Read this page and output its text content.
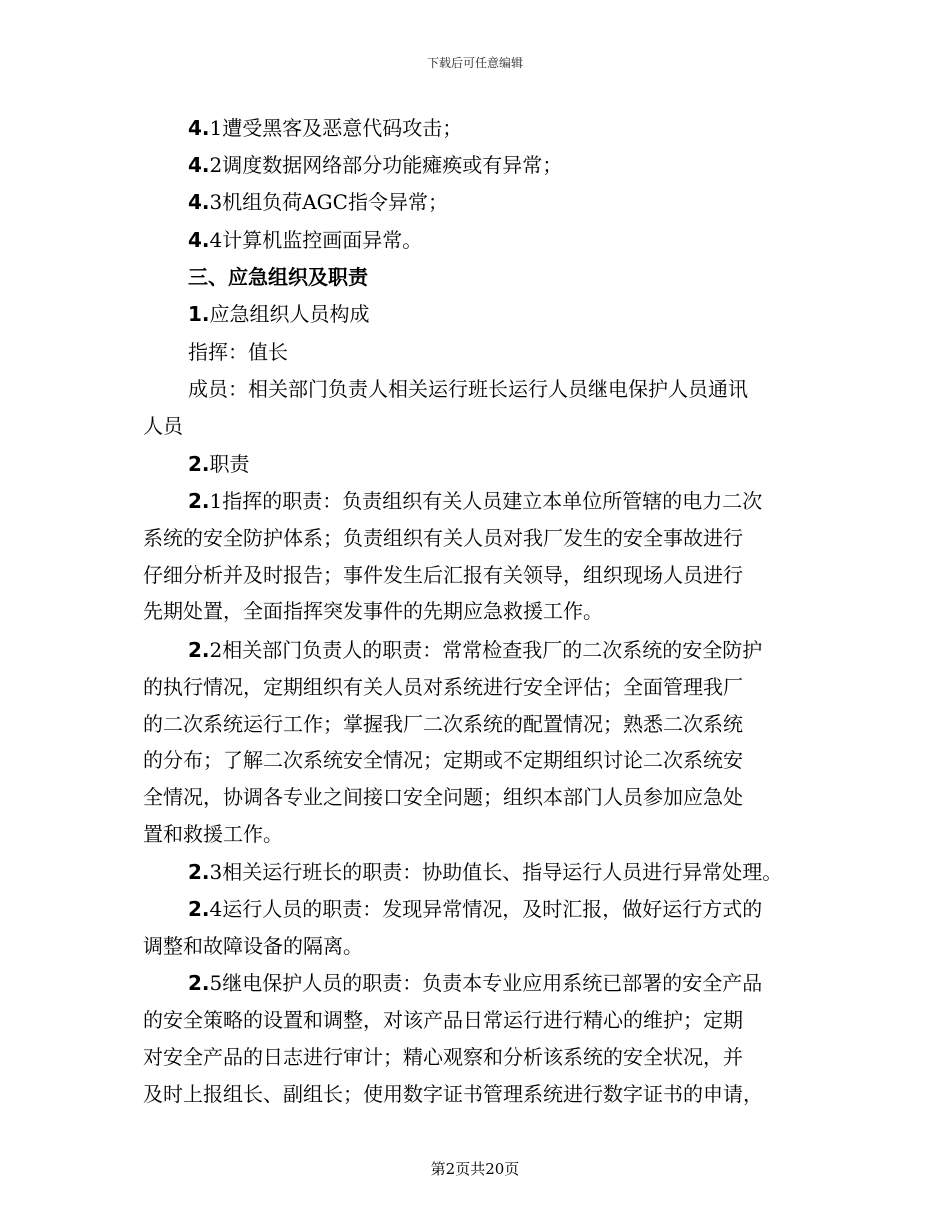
下载后可任意编辑
4.1遭受黑客及恶意代码攻击；
4.2调度数据网络部分功能瘫痪或有异常；
4.3机组负荷AGC指令异常；
4.4计算机监控画面异常。
三、应急组织及职责
1.应急组织人员构成
指挥：值长
成员：相关部门负责人相关运行班长运行人员继电保护人员通讯
人员
2.职责
2.1指挥的职责：负责组织有关人员建立本单位所管辖的电力二次
系统的安全防护体系；负责组织有关人员对我厂发生的安全事故进行
仔细分析并及时报告；事件发生后汇报有关领导，组织现场人员进行
先期处置，全面指挥突发事件的先期应急救援工作。
2.2相关部门负责人的职责：常常检查我厂的二次系统的安全防护
的执行情况，定期组织有关人员对系统进行安全评估；全面管理我厂
的二次系统运行工作；掌握我厂二次系统的配置情况；熟悉二次系统
的分布；了解二次系统安全情况；定期或不定期组织讨论二次系统安
全情况，协调各专业之间接口安全问题；组织本部门人员参加应急处
置和救援工作。
2.3相关运行班长的职责：协助值长、指导运行人员进行异常处理。
2.4运行人员的职责：发现异常情况，及时汇报，做好运行方式的
调整和故障设备的隔离。
2.5继电保护人员的职责：负责本专业应用系统已部署的安全产品
的安全策略的设置和调整，对该产品日常运行进行精心的维护；定期
对安全产品的日志进行审计；精心观察和分析该系统的安全状况，并
及时上报组长、副组长；使用数字证书管理系统进行数字证书的申请，
第2页共20页
